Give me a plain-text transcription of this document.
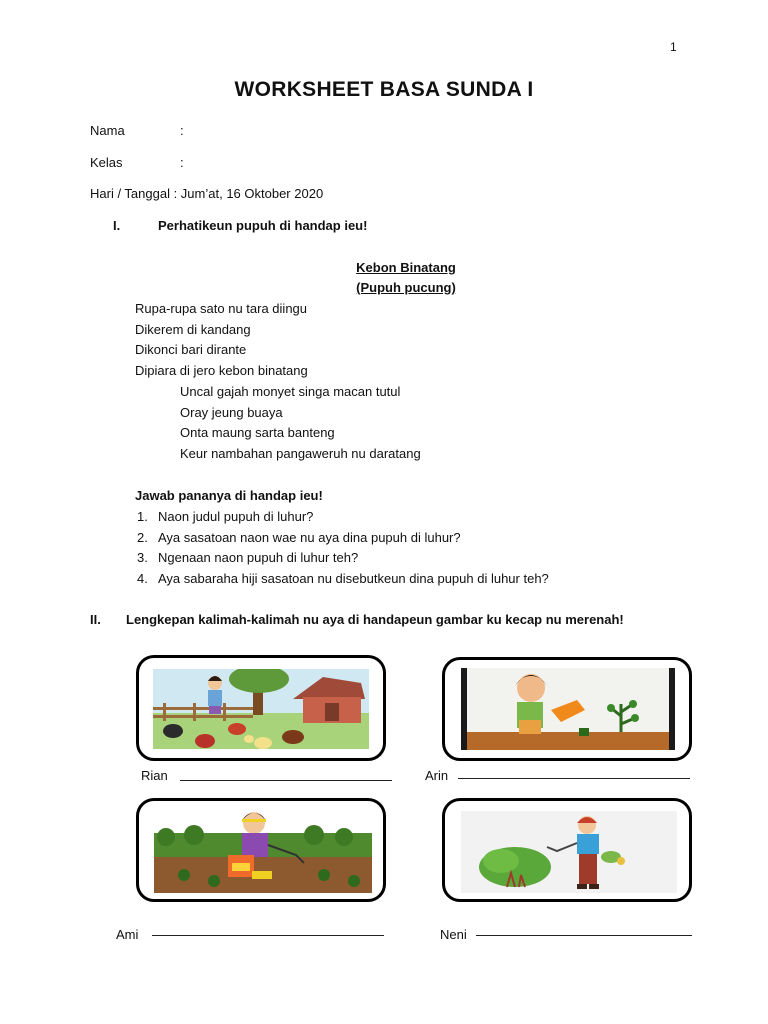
1
WORKSHEET BASA SUNDA I
Nama	:
Kelas	:
Hari / Tanggal : Jum’at, 16 Oktober 2020
I.	Perhatikeun pupuh di handap ieu!
Kebon Binatang
(Pupuh pucung)
Rupa-rupa sato nu tara diingu
Dikerem di kandang
Dikonci bari dirante
Dipiara di jero kebon binatang
Uncal gajah monyet singa macan tutul
Oray jeung buaya
Onta maung sarta banteng
Keur nambahan pangaweruh nu daratang
Jawab pananya di handap ieu!
1. Naon judul pupuh di luhur?
2. Aya sasatoan naon wae nu aya dina pupuh di luhur?
3. Ngenaan naon pupuh di luhur teh?
4. Aya sabaraha hiji sasatoan nu disebutkeun dina pupuh di luhur teh?
II. Lengkepan kalimah-kalimah nu aya di handapeun gambar ku kecap nu merenah!
Rian	Arin
Ami	Neni
